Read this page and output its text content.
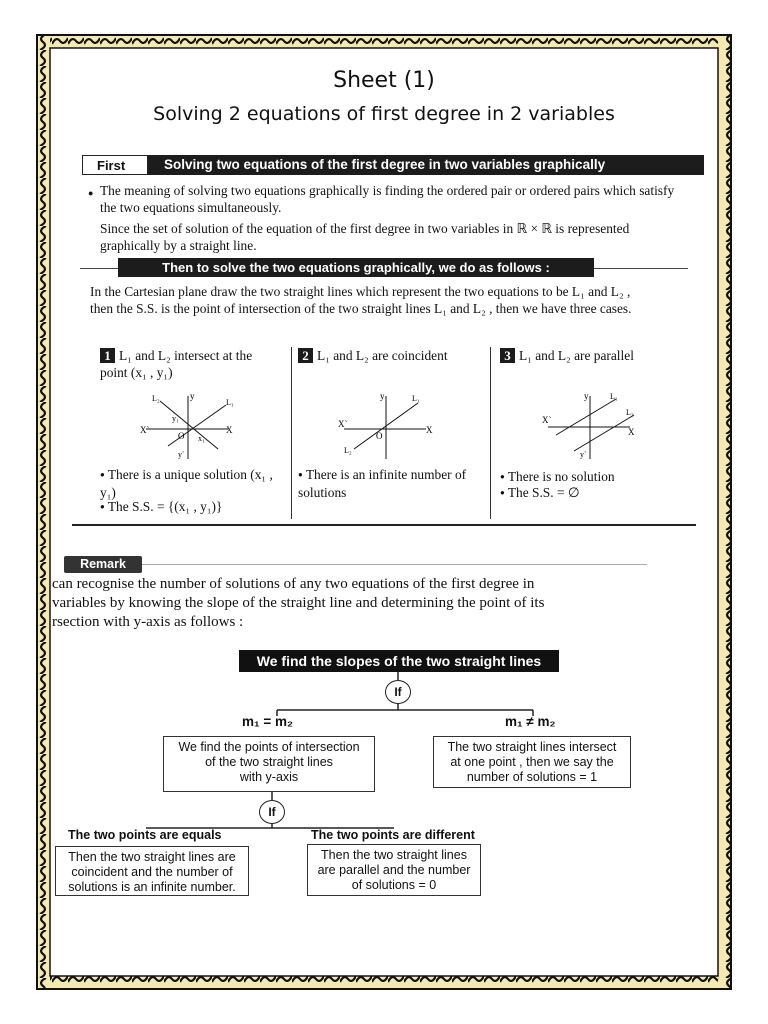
Sheet (1)
Solving 2 equations of first degree in 2 variables
First	Solving two equations of the first degree in two variables graphically
● The meaning of solving two equations graphically is finding the ordered pair or ordered pairs which satisfy the two equations simultaneously.
Since the set of solution of the equation of the first degree in two variables in ℝ × ℝ is represented graphically by a straight line.
Then to solve the two equations graphically, we do as follows :
In the Cartesian plane draw the two straight lines which represent the two equations to be L₁ and L₂ , then the S.S. is the point of intersection of the two straight lines L₁ and L₂ , then we have three cases.
1 L₁ and L₂ intersect at the point (x₁ , y₁)
X`	X
y
y`
O
L₁
L₂
x₁
y₁
● There is a unique solution (x₁ , y₁)
● The S.S. = {(x₁ , y₁)}
2 L₁ and L₂ are coincident
X`
X
y
O
L₁
L₂
● There is an infinite number of solutions
3 L₁ and L₂ are parallel
X`
X
y
y`
L₁
L₂
● There is no solution
● The S.S. = ∅
Remark
can recognise the number of solutions of any two equations of the first degree in
variables by knowing the slope of the straight line and determining the point of its
rsection with y-axis as follows :
We find the slopes of the two straight lines
If
m₁ = m₂	m₁ ≠ m₂
We find the points of intersection
of the two straight lines
with y-axis
The two straight lines intersect
at one point , then we say the
number of solutions = 1
If
The two points are equals	The two points are different
Then the two straight lines are
coincident and the number of
solutions is an infinite number.
Then the two straight lines
are parallel and the number
of solutions = 0
